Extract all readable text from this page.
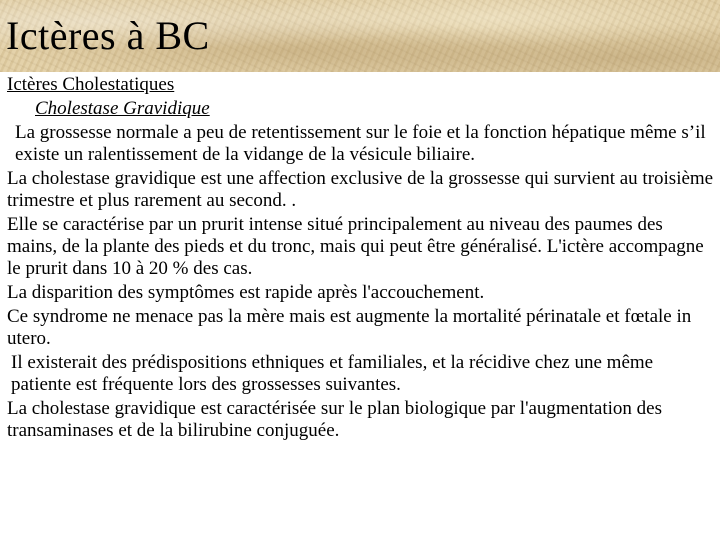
Ictères à BC

Ictères Cholestatiques

Cholestase Gravidique

La grossesse normale a peu de retentissement sur le foie et la fonction hépatique même s’il existe un ralentissement de la vidange de la vésicule biliaire.

La cholestase gravidique est une affection exclusive de la grossesse qui survient au troisième trimestre et plus rarement au second. .

Elle se caractérise par un prurit intense situé principalement au niveau des paumes des mains, de la plante des pieds et du tronc, mais qui peut être généralisé. L'ictère accompagne le prurit dans 10 à 20 % des cas.

La disparition des symptômes est rapide après l'accouchement.

Ce syndrome ne menace pas la mère mais est augmente la mortalité périnatale et fœtale in utero.

Il existerait des prédispositions ethniques et familiales, et la récidive chez une même patiente est fréquente lors des grossesses suivantes.

La cholestase gravidique est caractérisée sur le plan biologique par l'augmentation des transaminases et de la bilirubine conjuguée.
